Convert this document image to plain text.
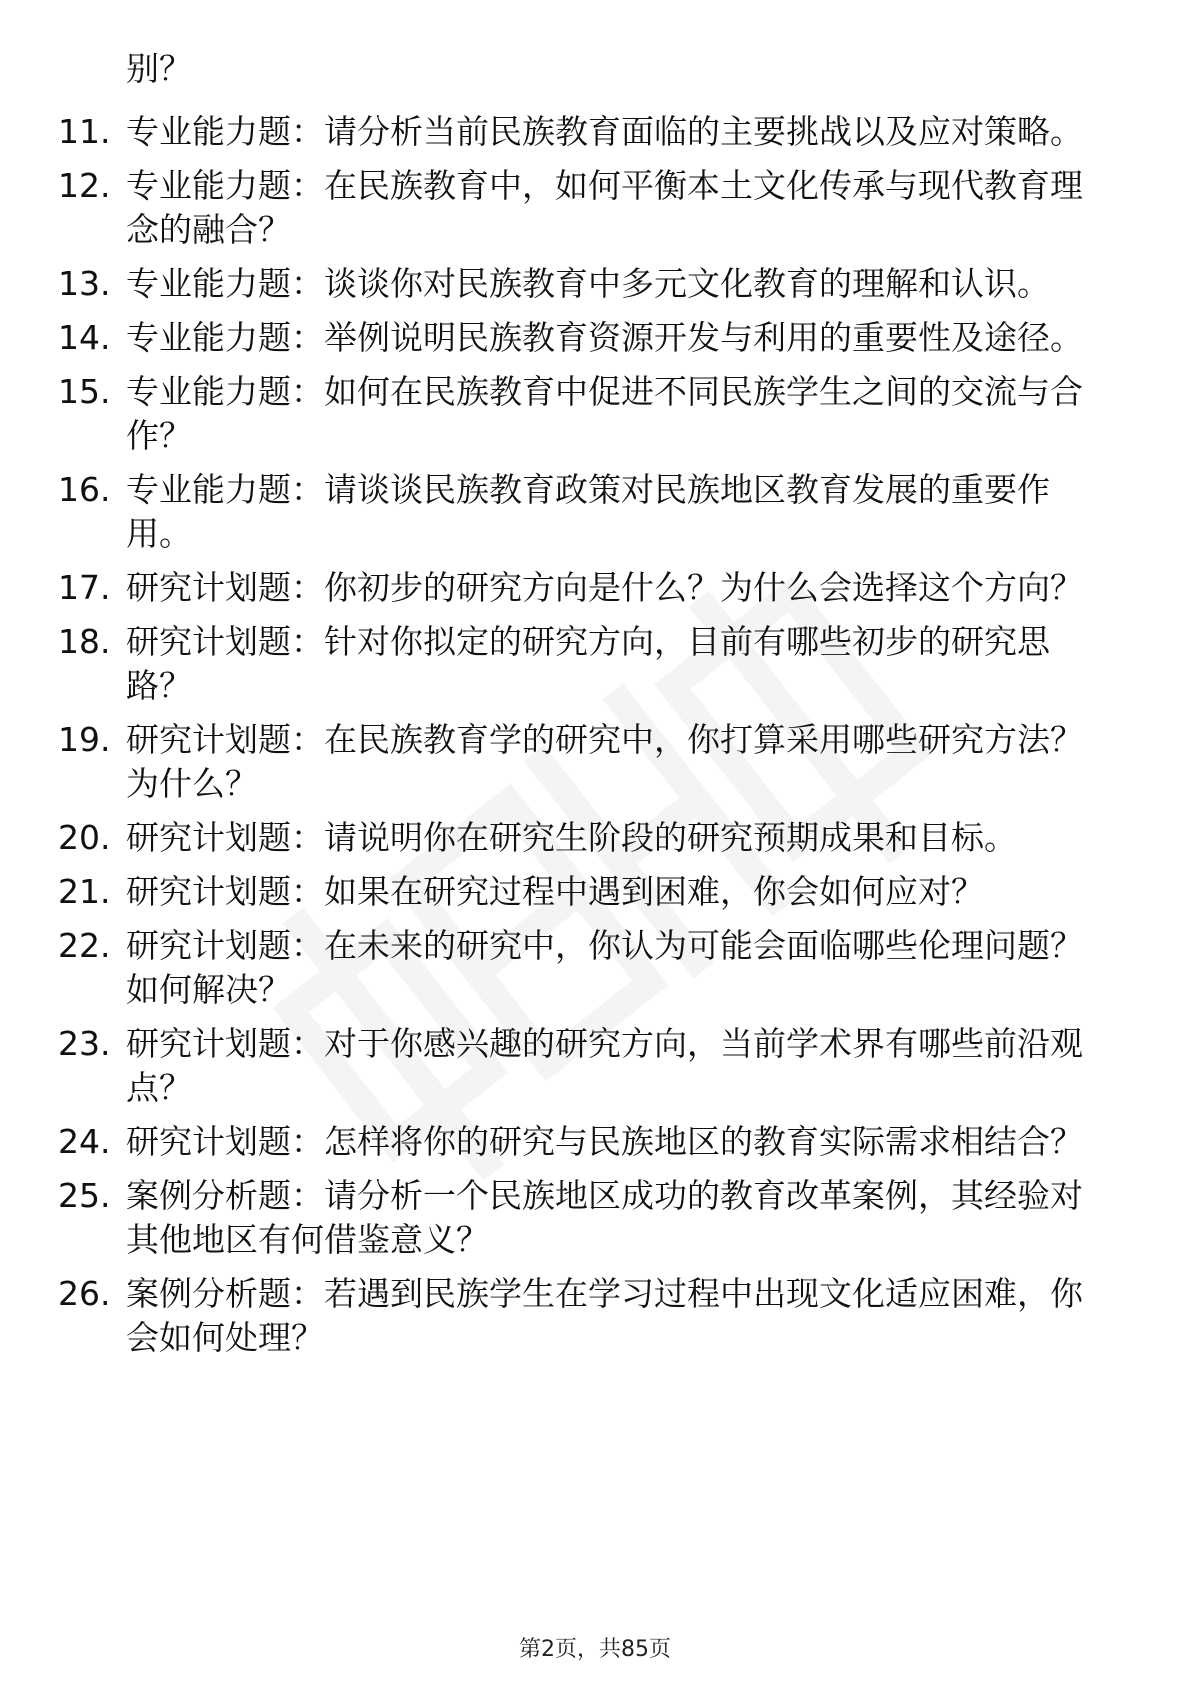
别？
11. 专业能力题：请分析当前民族教育面临的主要挑战以及应对策略。
12. 专业能力题：在民族教育中，如何平衡本土文化传承与现代教育理念的融合？
13. 专业能力题：谈谈你对民族教育中多元文化教育的理解和认识。
14. 专业能力题：举例说明民族教育资源开发与利用的重要性及途径。
15. 专业能力题：如何在民族教育中促进不同民族学生之间的交流与合作？
16. 专业能力题：请谈谈民族教育政策对民族地区教育发展的重要作用。
17. 研究计划题：你初步的研究方向是什么？为什么会选择这个方向？
18. 研究计划题：针对你拟定的研究方向，目前有哪些初步的研究思路？
19. 研究计划题：在民族教育学的研究中，你打算采用哪些研究方法？为什么？
20. 研究计划题：请说明你在研究生阶段的研究预期成果和目标。
21. 研究计划题：如果在研究过程中遇到困难，你会如何应对？
22. 研究计划题：在未来的研究中，你认为可能会面临哪些伦理问题？如何解决？
23. 研究计划题：对于你感兴趣的研究方向，当前学术界有哪些前沿观点？
24. 研究计划题：怎样将你的研究与民族地区的教育实际需求相结合？
25. 案例分析题：请分析一个民族地区成功的教育改革案例，其经验对其他地区有何借鉴意义？
26. 案例分析题：若遇到民族学生在学习过程中出现文化适应困难，你会如何处理？
第2页，共85页
